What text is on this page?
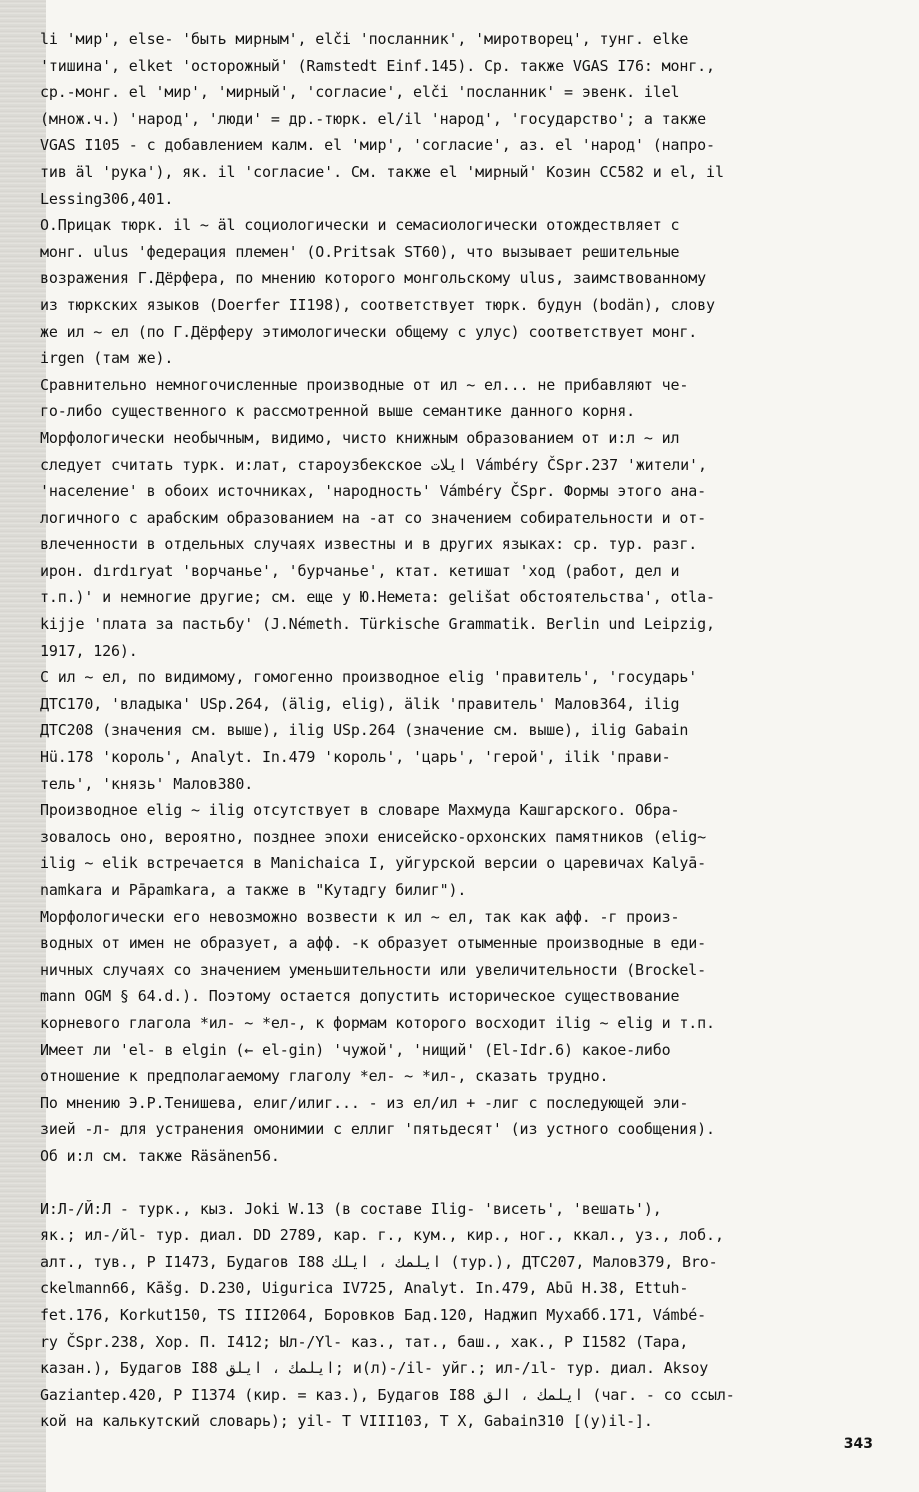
li 'мир', else- 'быть мирным', elči 'посланник', 'миротворец', тунг. elke
'тишина', elket 'осторожный' (Ramstedt Einf.145). Ср. также VGAS I76: монг.,
ср.-монг. el 'мир', 'мирный', 'согласие', elči 'посланник' = эвенк. ilel
(множ.ч.) 'народ', 'люди' = др.-тюрк. el/il 'народ', 'государство'; а также
VGAS I105 - с добавлением калм. el 'мир', 'согласие', аз. el 'народ' (напро-
тив äl 'рука'), як. il 'согласие'. См. также el 'мирный' Козин СС582 и el, il
Lessing306,401.
О.Прицак тюрк. il ~ äl социологически и семасиологически отождествляет с
монг. ulus 'федерация племен' (O.Pritsak ST60), что вызывает решительные
возражения Г.Дёрфера, по мнению которого монгольскому ulus, заимствованному
из тюркских языков (Doerfer II198), соответствует тюрк. будун (bodän), слову
же ил ~ ел (по Г.Дёрферу этимологически общему с улус) соответствует монг.
irgen (там же).
Сравнительно немногочисленные производные от ил ~ ел... не прибавляют че-
го-либо существенного к рассмотренной выше семантике данного корня.
Морфологически необычным, видимо, чисто книжным образованием от и:л ~ ил
следует считать турк. и:лат, староузбекское ﺍﻳﻼﺕ Vámbéry ČSpr.237 'жители',
'население' в обоих источниках, 'народность' Vámbéry ČSpr. Формы этого ана-
логичного с арабским образованием на -ат со значением собирательности и от-
влеченности в отдельных случаях известны и в других языках: ср. тур. разг.
ирон. dırdıryat 'ворчанье', 'бурчанье', ктат. кетишат 'ход (работ, дел и
т.п.)' и немногие другие; см. еще у Ю.Немета: gelišat обстоятельства', otla-
kijje 'плата за пастьбу' (J.Németh. Türkische Grammatik. Berlin und Leipzig,
1917, 126).
С ил ~ ел, по видимому, гомогенно производное elig 'правитель', 'государь'
ДТС170, 'владыка' USp.264, (älig, elig), älik 'правитель' Малов364, ilig
ДТС208 (значения см. выше), ilig USp.264 (значение см. выше), ilig Gabain
Hü.178 'король', Analyt. In.479 'король', 'царь', 'герой', ilik 'прави-
тель', 'князь' Малов380.
Производное elig ~ ilig отсутствует в словаре Махмуда Кашгарского. Обра-
зовалось оно, вероятно, позднее эпохи енисейско-орхонских памятников (elig~
ilig ~ elik встречается в Manichaica I, уйгурской версии о царевичах Kalyā-
namkara и Pāpamkara, а также в "Кутадгу билиг").
Морфологически его невозможно возвести к ил ~ ел, так как афф. -г произ-
водных от имен не образует, а афф. -к образует отыменные производные в еди-
ничных случаях со значением уменьшительности или увеличительности (Brockel-
mann OGM § 64.d.). Поэтому остается допустить историческое существование
корневого глагола *ил- ~ *ел-, к формам которого восходит ilig ~ elig и т.п.
Имеет ли 'el- в elgin (← el-gin) 'чужой', 'нищий' (El-Idr.6) какое-либо
отношение к предполагаемому глаголу *ел- ~ *ил-, сказать трудно.
По мнению Э.Р.Тенишева, елиг/илиг... - из ел/ил + -лиг с последующей эли-
зией -л- для устранения омонимии с еллиг 'пятьдесят' (из устного сообщения).
Об и:л см. также Räsänen56.
И:Л-/Й:Л - турк., кыз. Joki W.13 (в составе Ilig- 'висеть', 'вешать'),
як.; ил-/йl- тур. диал. DD 2789, кар. г., кум., кир., ног., ккал., уз., лоб.,
алт., тув., Р I1473, Будагов I88 ﺍﻳﻠﻤﻚ ، ﺍﻳﻠﻚ (тур.), ДТС207, Малов379, Bro-
ckelmann66, Kāšg. D.230, Uigurica IV725, Analyt. In.479, Abū H.38, Ettuh-
fet.176, Korkut150, TS III2064, Боровков Бад.120, Наджип Мухабб.171, Vámbé-
ry ČSpr.238, Хор. П. I412; Ыл-/Yl- каз., тат., баш., хак., Р I1582 (Тара,
казан.), Будагов I88 ﺍﻳﻠﻤﻚ ، ﺍﻳﻠﻖ; и(л)-/il- уйг.; ил-/ıl- тур. диал. Aksoy
Gaziantep.420, Р I1374 (кир. = каз.), Будагов I88 ﺍﻳﻠﻤﻚ ، ﺍﻟﻖ (чаг. - со ссыл-
кой на калькутский словарь); yil- Т VIII103, Т X, Gabain310 [(y)il-].
343
